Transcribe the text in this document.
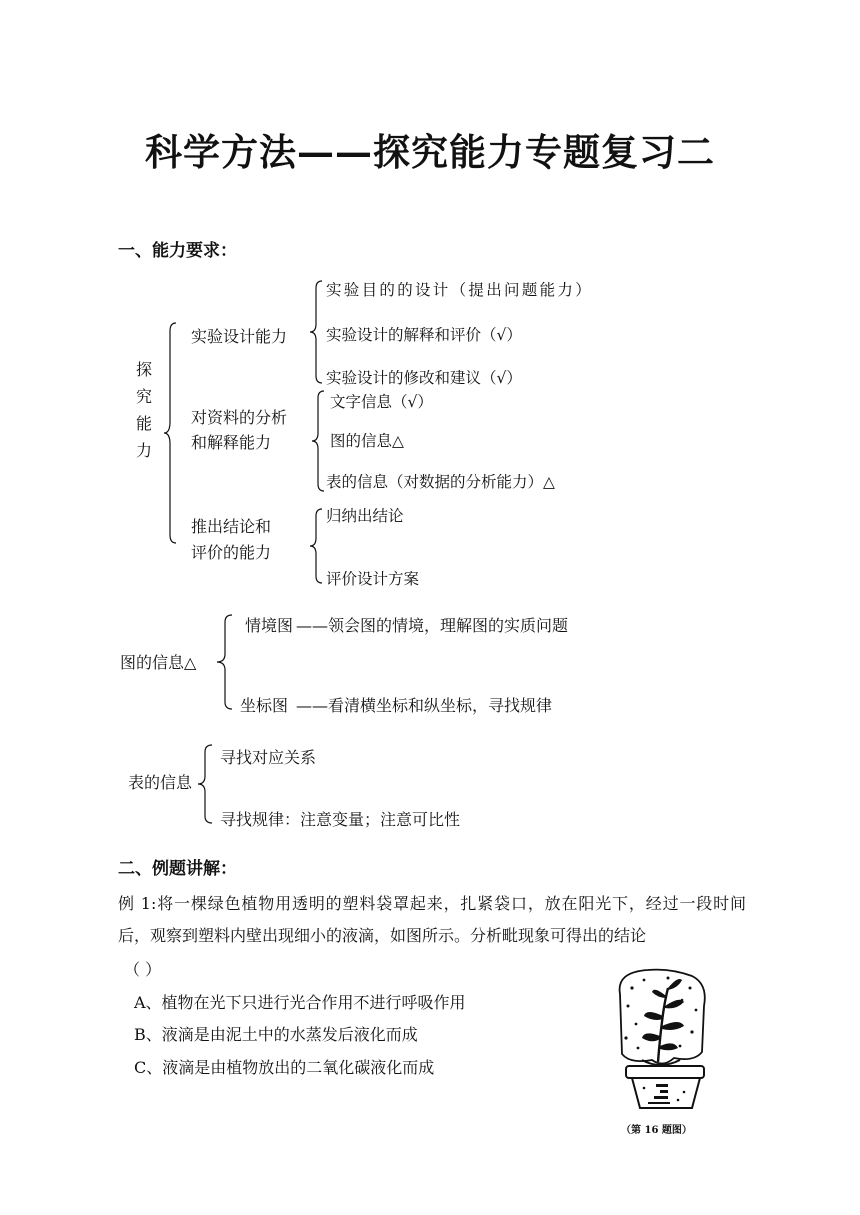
科学方法——探究能力专题复习二
一、能力要求：
探
究
能
力
实验设计能力
实验目的的设计（提出问题能力）
实验设计的解释和评价（√）
实验设计的修改和建议（√）
对资料的分析
和解释能力
文字信息（√）
图的信息△
表的信息（对数据的分析能力）△
推出结论和
评价的能力
归纳出结论
评价设计方案
图的信息△
情境图 ——领会图的情境，理解图的实质问题
坐标图 ——看清横坐标和纵坐标，寻找规律
表的信息
寻找对应关系
寻找规律：注意变量；注意可比性
二、例题讲解：
例 1:将一棵绿色植物用透明的塑料袋罩起来，扎紧袋口，放在阳光下，经过一段时间后，观察到塑料内壁出现细小的液滴，如图所示。分析毗现象可得出的结论
（ ）
A、植物在光下只进行光合作用不进行呼吸作用
B、液滴是由泥土中的水蒸发后液化而成
C、液滴是由植物放出的二氧化碳液化而成
（第 16 题图）
